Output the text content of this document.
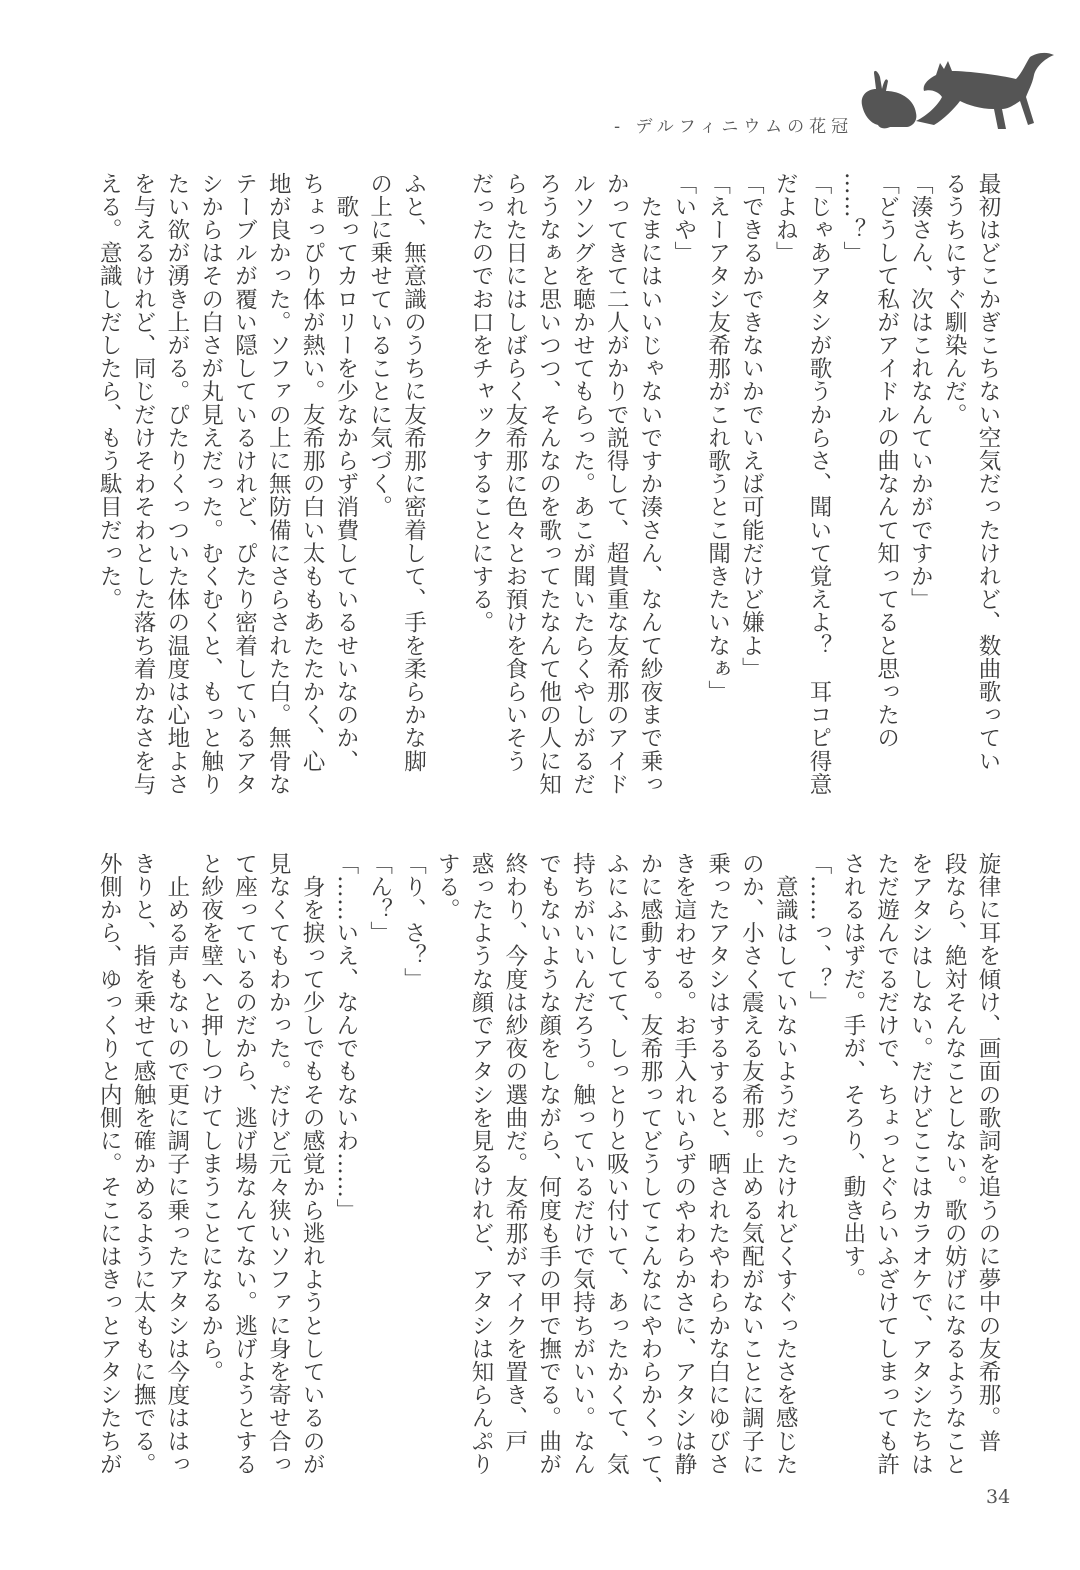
- デルフィニウムの花冠
最初はどこかぎこちない空気だったけれど、数曲歌ってい
るうちにすぐ馴染んだ。
「湊さん、次はこれなんていかがですか」
「どうして私がアイドルの曲なんて知ってると思ったの
……？」
「じゃあアタシが歌うからさ、聞いて覚えよ？　耳コピ得意
だよね」
「できるかできないかでいえば可能だけど嫌よ」
「えーアタシ友希那がこれ歌うとこ聞きたいなぁ」
「いや」
　たまにはいいじゃないですか湊さん、なんて紗夜まで乗っ
かってきて二人がかりで説得して、超貴重な友希那のアイド
ルソングを聴かせてもらった。あこが聞いたらくやしがるだ
ろうなぁと思いつつ、そんなのを歌ってたなんて他の人に知
られた日にはしばらく友希那に色々とお預けを食らいそう
だったのでお口をチャックすることにする。
ふと、無意識のうちに友希那に密着して、手を柔らかな脚
の上に乗せていることに気づく。
　歌ってカロリーを少なからず消費しているせいなのか、
ちょっぴり体が熱い。友希那の白い太ももあたたかく、心
地が良かった。ソファの上に無防備にさらされた白。無骨な
テーブルが覆い隠しているけれど、ぴたり密着しているアタ
シからはその白さが丸見えだった。むくむくと、もっと触り
たい欲が湧き上がる。ぴたりくっついた体の温度は心地よさ
を与えるけれど、同じだけそわそわとした落ち着かなさを与
える。意識しだしたら、もう駄目だった。
旋律に耳を傾け、画面の歌詞を追うのに夢中の友希那。普
段なら、絶対そんなことしない。歌の妨げになるようなこと
をアタシはしない。だけどここはカラオケで、アタシたちは
ただ遊んでるだけで、ちょっとぐらいふざけてしまっても許
されるはずだ。手が、そろり、動き出す。
「……っ、？」
　意識はしていないようだったけれどくすぐったさを感じた
のか、小さく震える友希那。止める気配がないことに調子に
乗ったアタシはするすると、晒されたやわらかな白にゆびさ
きを這わせる。お手入れいらずのやわらかさに、アタシは静
かに感動する。友希那ってどうしてこんなにやわらかくって、
ふにふにしてて、しっとりと吸い付いて、あったかくて、気
持ちがいいんだろう。触っているだけで気持ちがいい。なん
でもないような顔をしながら、何度も手の甲で撫でる。曲が
終わり、今度は紗夜の選曲だ。友希那がマイクを置き、戸
惑ったような顔でアタシを見るけれど、アタシは知らんぷり
する。
「り、さ？」
「ん？」
「……いえ、なんでもないわ……」
　身を捩って少しでもその感覚から逃れようとしているのが
見なくてもわかった。だけど元々狭いソファに身を寄せ合っ
て座っているのだから、逃げ場なんてない。逃げようとする
と紗夜を壁へと押しつけてしまうことになるから。
　止める声もないので更に調子に乗ったアタシは今度ははっ
きりと、指を乗せて感触を確かめるように太ももに撫でる。
外側から、ゆっくりと内側に。そこにはきっとアタシたちが
34
